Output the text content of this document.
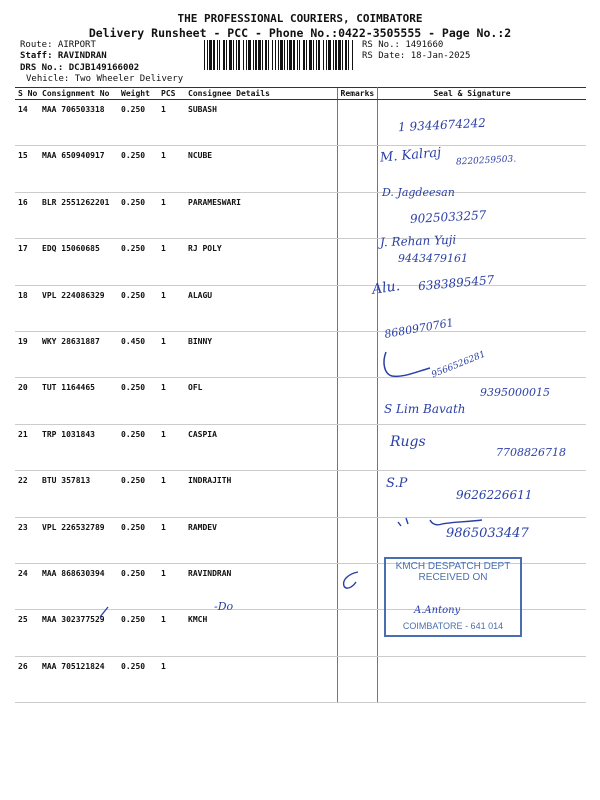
THE PROFESSIONAL COURIERS, COIMBATORE
Delivery Runsheet - PCC - Phone No.:0422-3505555 - Page No.:2
Route: AIRPORT
Staff: RAVINDRAN
DRS No.: DCJB149166002
Vehicle: Two Wheeler Delivery
RS No.: 1491660
RS Date: 18-Jan-2025
S No	Consignment No	Weight	PCS	Consignee Details	Remarks	Seal & Signature
14	MAA 706503318	0.250	1	SUBASH		
15	MAA 650940917	0.250	1	NCUBE		
16	BLR 2551262201	0.250	1	PARAMESWARI		
17	EDQ 15060685	0.250	1	RJ POLY		
18	VPL 224086329	0.250	1	ALAGU		
19	WKY 28631887	0.450	1	BINNY		
20	TUT 1164465	0.250	1	OFL		
21	TRP 1031843	0.250	1	CASPIA		
22	BTU 357813	0.250	1	INDRAJITH		
23	VPL 226532789	0.250	1	RAMDEV		
24	MAA 868630394	0.250	1	RAVINDRAN		
25	MAA 302377529	0.250	1	KMCH		
26	MAA 705121824	0.250	1			
1 9344674242
M. Kalraj 8220259503.
D. Jagdeesan
9025033257
J. Rehan Yuji
9443479161
Alu. 6383895457
8680970761
9566526281
9395000015
S Lim Bavath
Rugs
7708826718
S.P
9626226611
9865033447
-Do
KMCH DESPATCH DEPT
RECEIVED ON
A.Antony
COIMBATORE - 641 014
